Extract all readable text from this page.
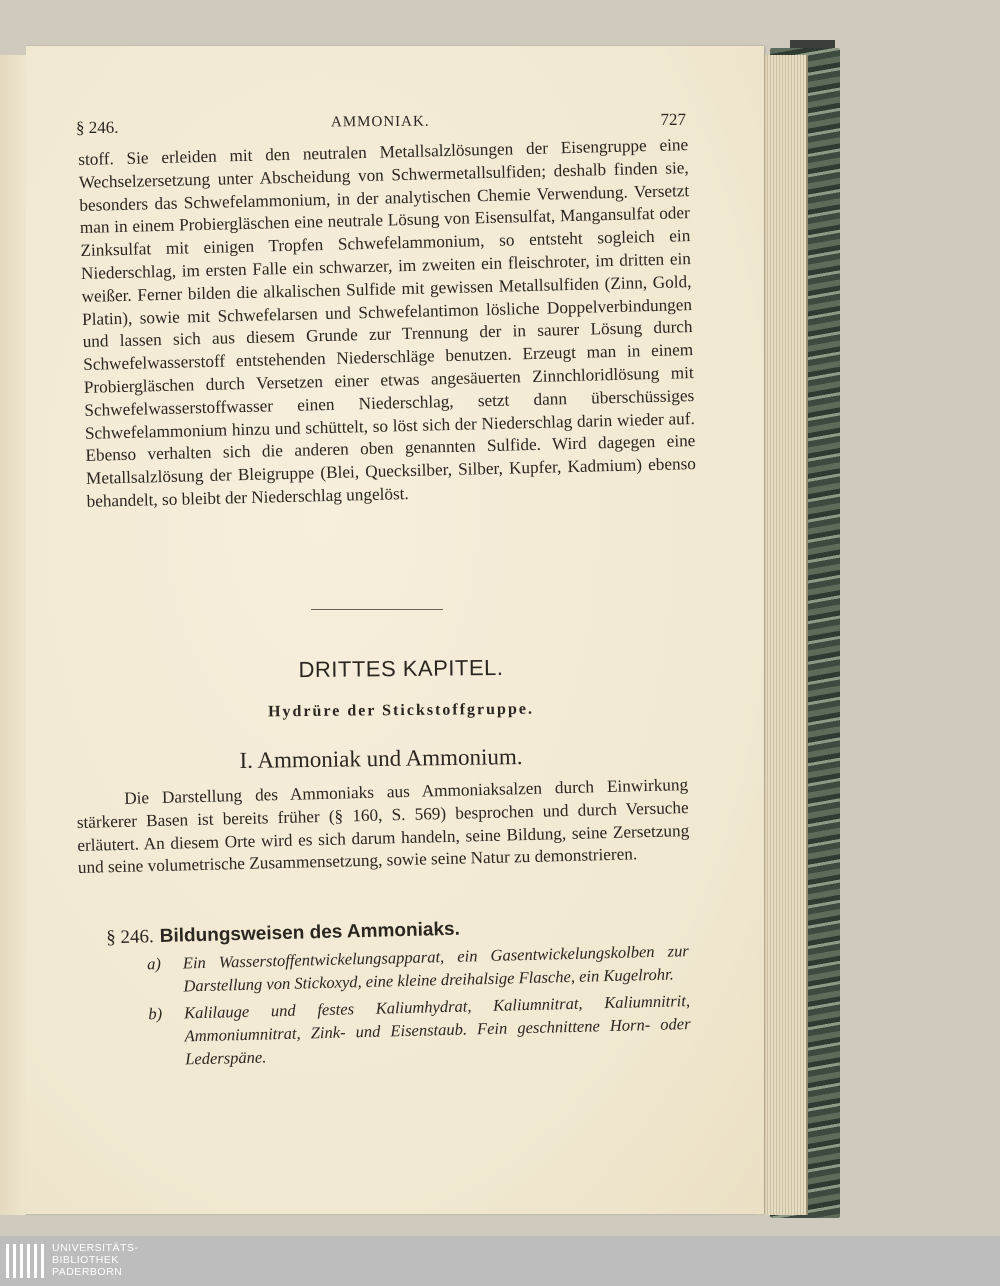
§ 246.	AMMONIAK.	727

stoff. Sie erleiden mit den neutralen Metallsalzlösungen der Eisengruppe eine Wechselzersetzung unter Abscheidung von Schwermetallsulfiden; deshalb finden sie, besonders das Schwefelammonium, in der analytischen Chemie Verwendung. Versetzt man in einem Probiergläschen eine neutrale Lösung von Eisensulfat, Mangansulfat oder Zinksulfat mit einigen Tropfen Schwefelammonium, so entsteht sogleich ein Niederschlag, im ersten Falle ein schwarzer, im zweiten ein fleischroter, im dritten ein weißer. Ferner bilden die alkalischen Sulfide mit gewissen Metallsulfiden (Zinn, Gold, Platin), sowie mit Schwefelarsen und Schwefelantimon lösliche Doppelverbindungen und lassen sich aus diesem Grunde zur Trennung der in saurer Lösung durch Schwefelwasserstoff entstehenden Niederschläge benutzen. Erzeugt man in einem Probiergläschen durch Versetzen einer etwas angesäuerten Zinnchloridlösung mit Schwefelwasserstoffwasser einen Niederschlag, setzt dann überschüssiges Schwefelammonium hinzu und schüttelt, so löst sich der Niederschlag darin wieder auf. Ebenso verhalten sich die anderen oben genannten Sulfide. Wird dagegen eine Metallsalzlösung der Bleigruppe (Blei, Quecksilber, Silber, Kupfer, Kadmium) ebenso behandelt, so bleibt der Niederschlag ungelöst.

DRITTES KAPITEL.
Hydrüre der Stickstoffgruppe.
I. Ammoniak und Ammonium.

Die Darstellung des Ammoniaks aus Ammoniaksalzen durch Einwirkung stärkerer Basen ist bereits früher (§ 160, S. 569) besprochen und durch Versuche erläutert. An diesem Orte wird es sich darum handeln, seine Bildung, seine Zersetzung und seine volumetrische Zusammensetzung, sowie seine Natur zu demonstrieren.

§ 246. Bildungsweisen des Ammoniaks.
a)	Ein Wasserstoffentwickelungsapparat, ein Gasentwickelungskolben zur Darstellung von Stickoxyd, eine kleine dreihalsige Flasche, ein Kugelrohr.
b)	Kalilauge und festes Kaliumhydrat, Kaliumnitrat, Kaliumnitrit, Ammoniumnitrat, Zink- und Eisenstaub. Fein geschnittene Horn- oder Lederspäne.
UNIVERSITÄTS-
BIBLIOTHEK
PADERBORN
